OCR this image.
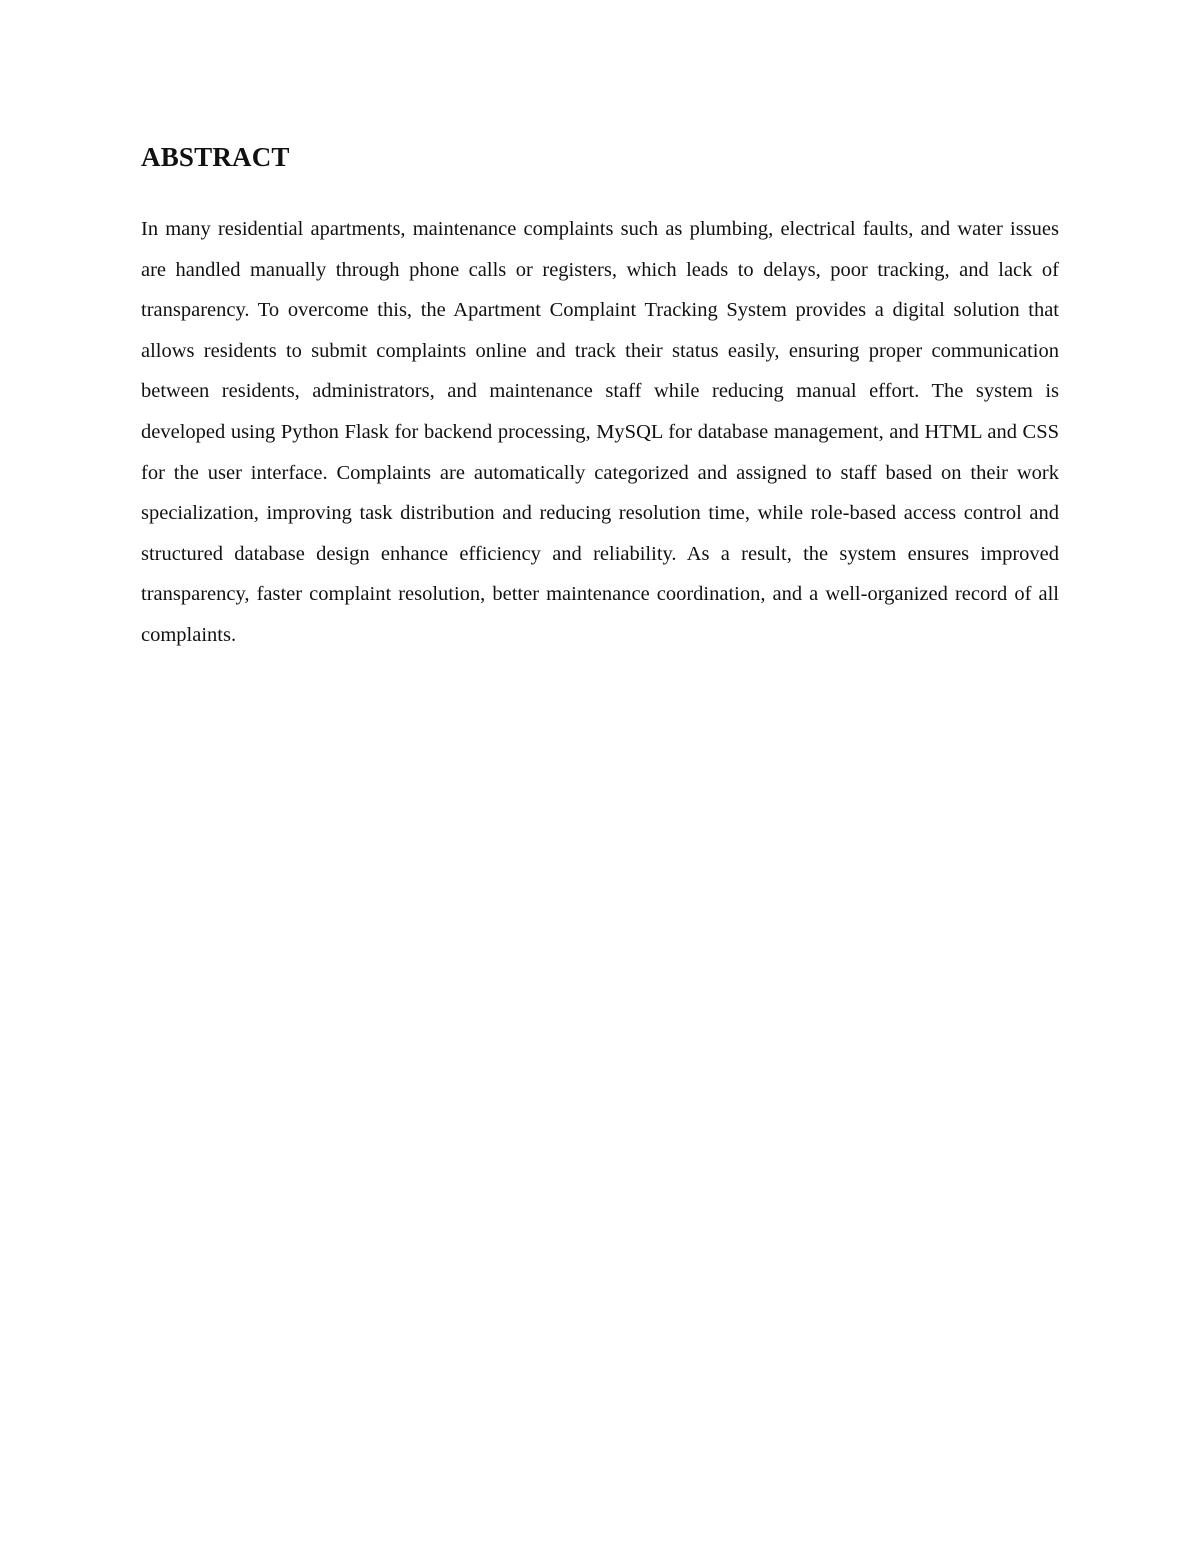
ABSTRACT

In many residential apartments, maintenance complaints such as plumbing, electrical faults, and water issues are handled manually through phone calls or registers, which leads to delays, poor tracking, and lack of transparency. To overcome this, the Apartment Complaint Tracking System provides a digital solution that allows residents to submit complaints online and track their status easily, ensuring proper communication between residents, administrators, and maintenance staff while reducing manual effort. The system is developed using Python Flask for backend processing, MySQL for database management, and HTML and CSS for the user interface. Complaints are automatically categorized and assigned to staff based on their work specialization, improving task distribution and reducing resolution time, while role-based access control and structured database design enhance efficiency and reliability. As a result, the system ensures improved transparency, faster complaint resolution, better maintenance coordination, and a well-organized record of all complaints.
